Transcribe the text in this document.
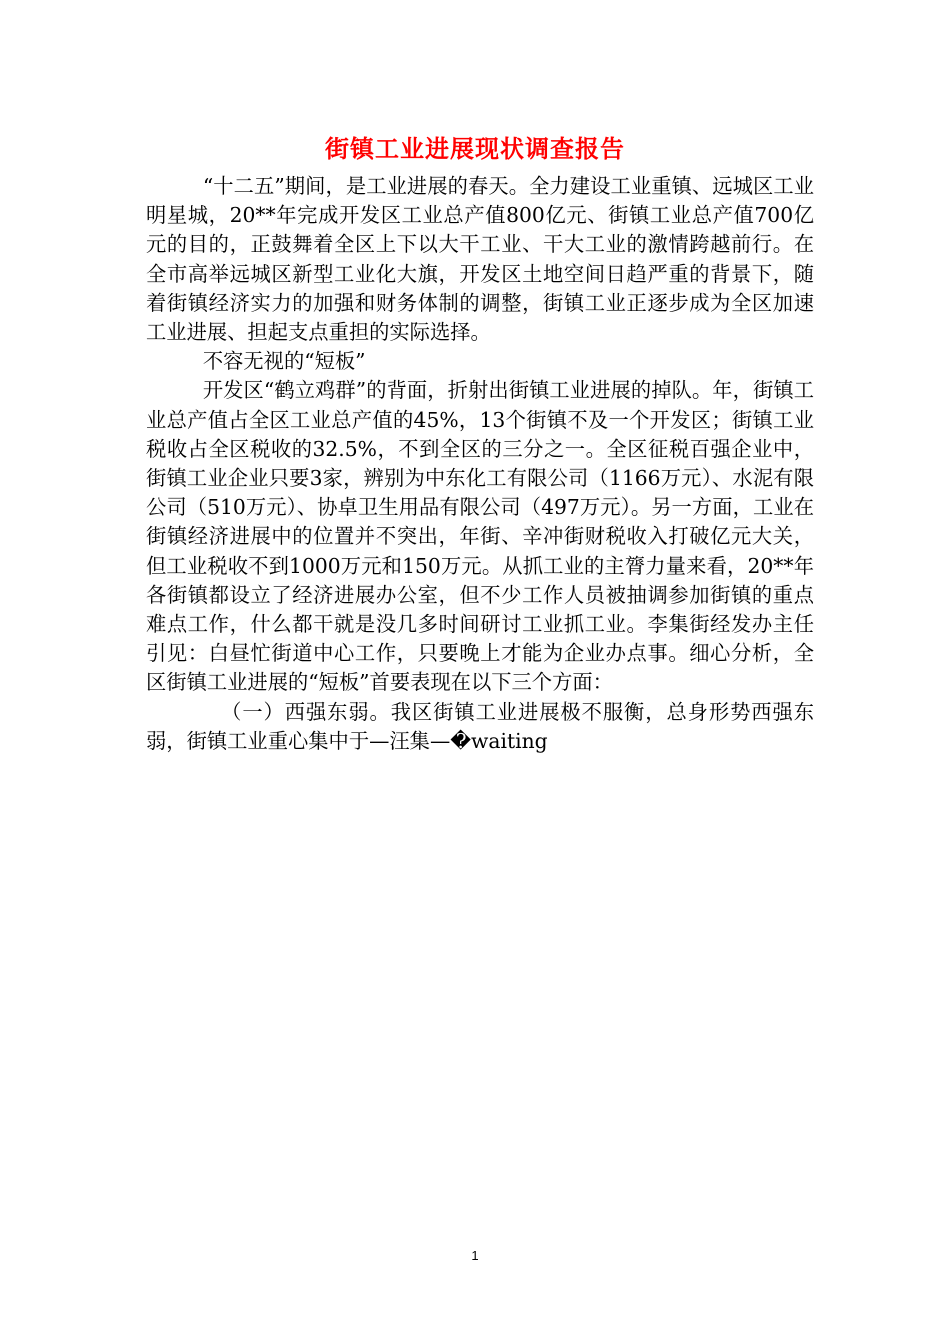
街镇工业进展现状调查报告

“十二五”期间，是工业进展的春天。全力建设工业重镇、远城区工业明星城，20**年完成开发区工业总产值800亿元、街镇工业总产值700亿元的目的，正鼓舞着全区上下以大干工业、干大工业的激情跨越前行。在全市高举远城区新型工业化大旗，开发区土地空间日趋严重的背景下，随着街镇经济实力的加强和财务体制的调整，街镇工业正逐步成为全区加速工业进展、担起支点重担的实际选择。

不容无视的“短板”

开发区“鹤立鸡群”的背面，折射出街镇工业进展的掉队。年，街镇工业总产值占全区工业总产值的45%，13个街镇不及一个开发区；街镇工业税收占全区税收的32.5%，不到全区的三分之一。全区征税百强企业中，街镇工业企业只要3家，辨别为中东化工有限公司（1166万元）、水泥有限公司（510万元）、协卓卫生用品有限公司（497万元）。另一方面，工业在街镇经济进展中的位置并不突出，年街、辛冲街财税收入打破亿元大关，但工业税收不到1000万元和150万元。从抓工业的主膂力量来看，20**年各街镇都设立了经济进展办公室，但不少工作人员被抽调参加街镇的重点难点工作，什么都干就是没几多时间研讨工业抓工业。李集街经发办主任引见：白昼忙街道中心工作，只要晚上才能为企业办点事。细心分析，全区街镇工业进展的“短板”首要表现在以下三个方面：

（一）西强东弱。我区街镇工业进展极不服衡，总身形势西强东弱，街镇工业重心集中于—汪集—�waiting

1
